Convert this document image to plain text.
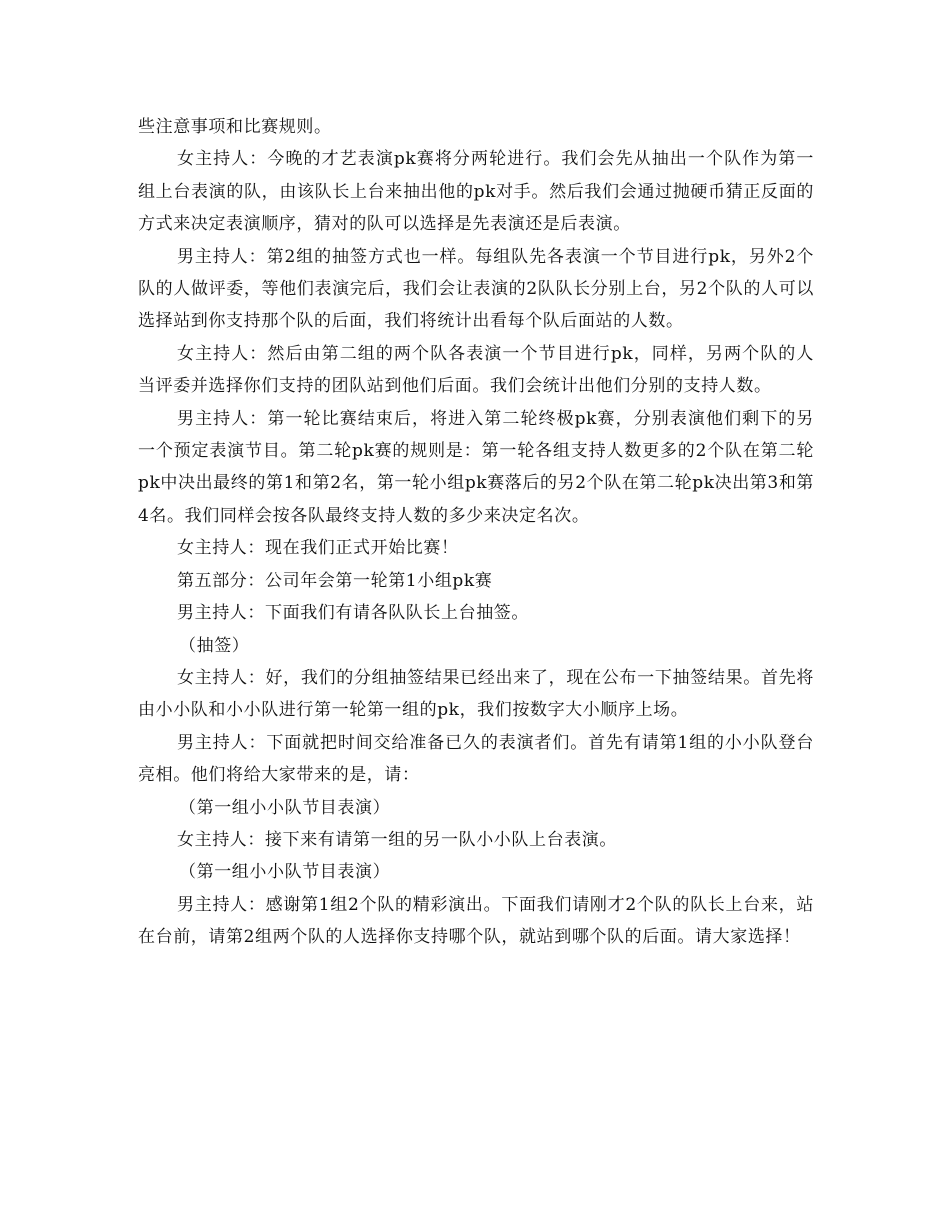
些注意事项和比赛规则。

女主持人：今晚的才艺表演pk赛将分两轮进行。我们会先从抽出一个队作为第一组上台表演的队，由该队长上台来抽出他的pk对手。然后我们会通过抛硬币猜正反面的方式来决定表演顺序，猜对的队可以选择是先表演还是后表演。

男主持人：第2组的抽签方式也一样。每组队先各表演一个节目进行pk，另外2个队的人做评委，等他们表演完后，我们会让表演的2队队长分别上台，另2个队的人可以选择站到你支持那个队的后面，我们将统计出看每个队后面站的人数。

女主持人：然后由第二组的两个队各表演一个节目进行pk，同样，另两个队的人当评委并选择你们支持的团队站到他们后面。我们会统计出他们分别的支持人数。

男主持人：第一轮比赛结束后，将进入第二轮终极pk赛，分别表演他们剩下的另一个预定表演节目。第二轮pk赛的规则是：第一轮各组支持人数更多的2个队在第二轮pk中决出最终的第1和第2名，第一轮小组pk赛落后的另2个队在第二轮pk决出第3和第4名。我们同样会按各队最终支持人数的多少来决定名次。

女主持人：现在我们正式开始比赛！

第五部分：公司年会第一轮第1小组pk赛

男主持人：下面我们有请各队队长上台抽签。

（抽签）

女主持人：好，我们的分组抽签结果已经出来了，现在公布一下抽签结果。首先将由小小队和小小队进行第一轮第一组的pk，我们按数字大小顺序上场。

男主持人：下面就把时间交给准备已久的表演者们。首先有请第1组的小小队登台亮相。他们将给大家带来的是，请：

（第一组小小队节目表演）

女主持人：接下来有请第一组的另一队小小队上台表演。

（第一组小小队节目表演）

男主持人：感谢第1组2个队的精彩演出。下面我们请刚才2个队的队长上台来，站在台前，请第2组两个队的人选择你支持哪个队，就站到哪个队的后面。请大家选择！
